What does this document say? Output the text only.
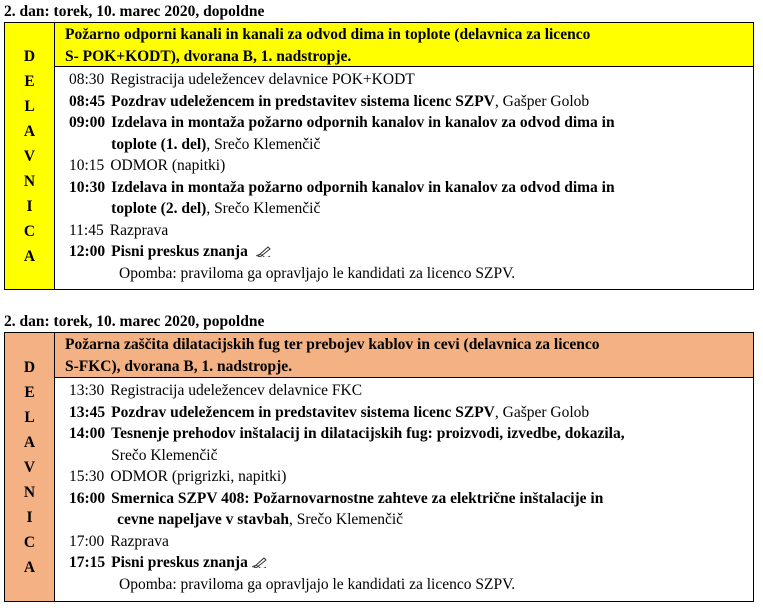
2. dan: torek, 10. marec 2020, dopoldne
D
E
L
A
V
N
I
C
A
Požarno odporni kanali in kanali za odvod dima in toplote (delavnica za licenco
S- POK+KODT), dvorana B, 1. nadstropje.
08:30 Registracija udeležencev delavnice POK+KODT
08:45 Pozdrav udeležencem in predstavitev sistema licenc SZPV, Gašper Golob
09:00 Izdelava in montaža požarno odpornih kanalov in kanalov za odvod dima in
toplote (1. del), Srečo Klemenčič
10:15 ODMOR (napitki)
10:30 Izdelava in montaža požarno odpornih kanalov in kanalov za odvod dima in
toplote (2. del), Srečo Klemenčič
11:45 Razprava
12:00 Pisni preskus znanja
Opomba: praviloma ga opravljajo le kandidati za licenco SZPV.
2. dan: torek, 10. marec 2020, popoldne
D
E
L
A
V
N
I
C
A
Požarna zaščita dilatacijskih fug ter prebojev kablov in cevi (delavnica za licenco
S-FKC), dvorana B, 1. nadstropje.
13:30 Registracija udeležencev delavnice FKC
13:45 Pozdrav udeležencem in predstavitev sistema licenc SZPV, Gašper Golob
14:00 Tesnenje prehodov inštalacij in dilatacijskih fug: proizvodi, izvedbe, dokazila,
Srečo Klemenčič
15:30 ODMOR (prigrizki, napitki)
16:00 Smernica SZPV 408: Požarnovarnostne zahteve za električne inštalacije in
cevne napeljave v stavbah, Srečo Klemenčič
17:00 Razprava
17:15 Pisni preskus znanja
Opomba: praviloma ga opravljajo le kandidati za licenco SZPV.
